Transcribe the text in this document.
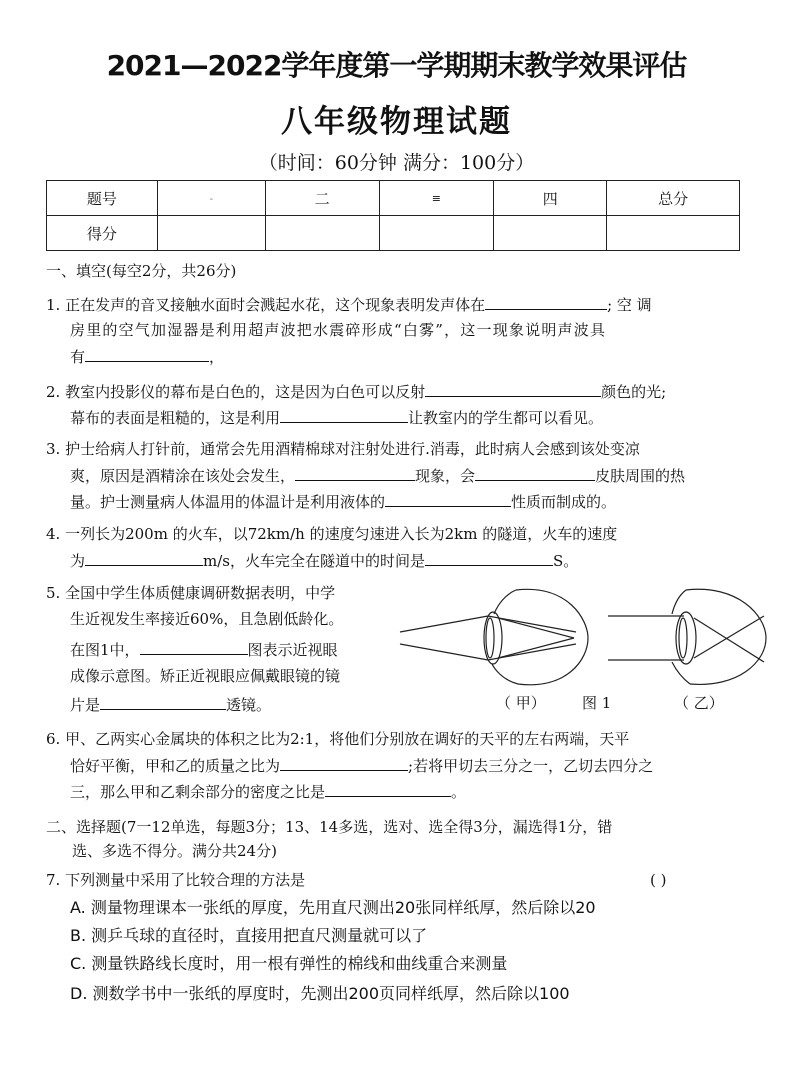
2021—2022学年度第一学期期末教学效果评估
八年级物理试题
（时间：60分钟 满分：100分）
题号	-	二	≡	四	总分
得分					
一、填空(每空2分，共26分)
1. 正在发声的音叉接触水面时会溅起水花，这个现象表明发声体在	; 空 调
房里的空气加湿器是利用超声波把水震碎形成“白雾”，这一现象说明声波具
有	，
2. 教室内投影仪的幕布是白色的，这是因为白色可以反射	颜色的光;
幕布的表面是粗糙的，这是利用	让教室内的学生都可以看见。
3. 护士给病人打针前，通常会先用酒精棉球对注射处进行.消毒，此时病人会感到该处变凉
爽，原因是酒精涂在该处会发生，	现象，会	皮肤周围的热
量。护士测量病人体温用的体温计是利用液体的	性质而制成的。
4. 一列长为200m 的火车，以72km/h 的速度匀速进入长为2km 的隧道，火车的速度
为	m/s，火车完全在隧道中的时间是	S。
5. 全国中学生体质健康调研数据表明，中学
生近视发生率接近60%，且急剧低龄化。
在图1中，	图表示近视眼
成像示意图。矫正近视眼应佩戴眼镜的镜
片是	透镜。	（ 甲） 图 1	（ 乙）
6. 甲、乙两实心金属块的体积之比为2:1，将他们分别放在调好的天平的左右两端，天平
恰好平衡，甲和乙的质量之比为	;若将甲切去三分之一，乙切去四分之
三，那么甲和乙剩余部分的密度之比是	。
二、选择题(7一12单选，每题3分；13、14多选，选对、选全得3分，漏选得1分，错
选、多选不得分。满分共24分)
7. 下列测量中采用了比较合理的方法是	( )
A. 测量物理课本一张纸的厚度，先用直尺测出20张同样纸厚，然后除以20
B. 测乒乓球的直径时，直接用把直尺测量就可以了
C. 测量铁路线长度时，用一根有弹性的棉线和曲线重合来测量
D. 测数学书中一张纸的厚度时，先测出200页同样纸厚，然后除以100
